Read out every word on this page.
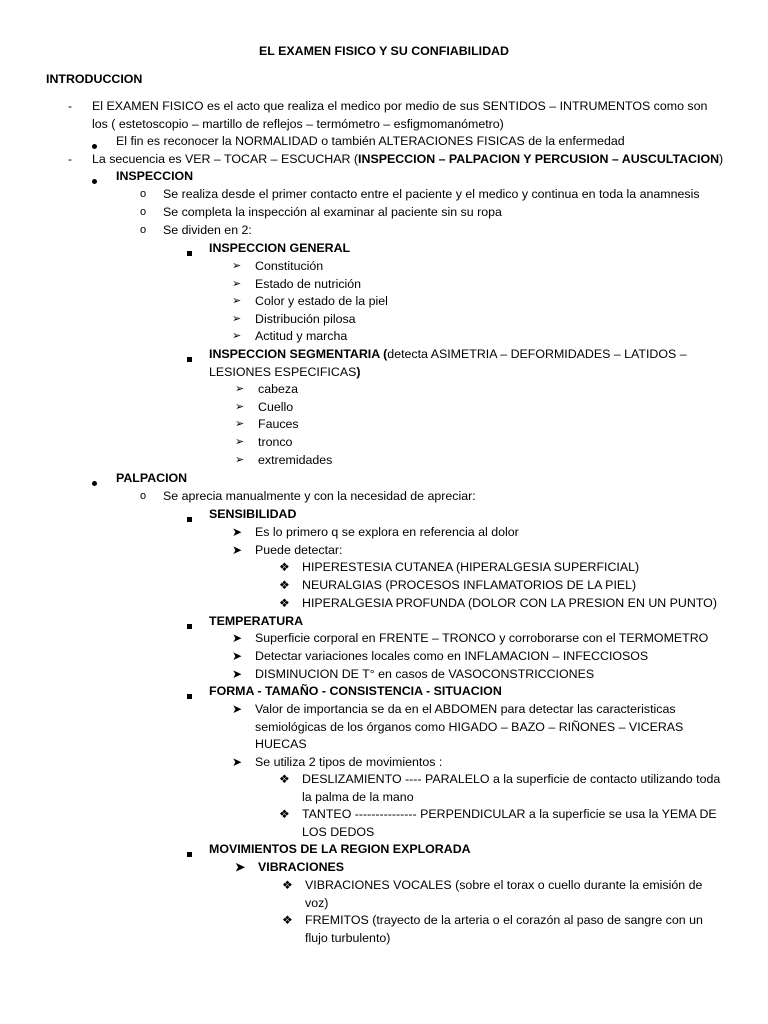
EL EXAMEN FISICO Y SU CONFIABILIDAD
INTRODUCCION
- El EXAMEN FISICO es el acto que realiza el medico por medio de sus SENTIDOS – INTRUMENTOS como son
los ( estetoscopio – martillo de reflejos – termómetro – esfigmomanómetro)
El fin es reconocer la NORMALIDAD o también ALTERACIONES FISICAS de la enfermedad
- La secuencia es VER – TOCAR – ESCUCHAR (INSPECCION – PALPACION Y PERCUSION – AUSCULTACION)
INSPECCION
o Se realiza desde el primer contacto entre el paciente y el medico y continua en toda la anamnesis
o Se completa la inspección al examinar al paciente sin su ropa
o Se dividen en 2:
INSPECCION GENERAL
➢ Constitución
➢ Estado de nutrición
➢ Color y estado de la piel
➢ Distribución pilosa
➢ Actitud y marcha
INSPECCION SEGMENTARIA (detecta ASIMETRIA – DEFORMIDADES – LATIDOS –
LESIONES ESPECIFICAS)
➢ cabeza
➢ Cuello
➢ Fauces
➢ tronco
➢ extremidades
PALPACION
o Se aprecia manualmente y con la necesidad de apreciar:
SENSIBILIDAD
➤ Es lo primero q se explora en referencia al dolor
➤ Puede detectar:
❖ HIPERESTESIA CUTANEA (HIPERALGESIA SUPERFICIAL)
❖ NEURALGIAS (PROCESOS INFLAMATORIOS DE LA PIEL)
❖ HIPERALGESIA PROFUNDA (DOLOR CON LA PRESION EN UN PUNTO)
TEMPERATURA
➤ Superficie corporal en FRENTE – TRONCO y corroborarse con el TERMOMETRO
➤ Detectar variaciones locales como en INFLAMACION – INFECCIOSOS
➤ DISMINUCION DE T° en casos de VASOCONSTRICCIONES
FORMA - TAMAÑO - CONSISTENCIA - SITUACION
➤ Valor de importancia se da en el ABDOMEN para detectar las caracteristicas
semiológicas de los órganos como HIGADO – BAZO – RIÑONES – VICERAS
HUECAS
➤ Se utiliza 2 tipos de movimientos :
❖ DESLIZAMIENTO ---- PARALELO a la superficie de contacto utilizando toda
la palma de la mano
❖ TANTEO --------------- PERPENDICULAR a la superficie se usa la YEMA DE
LOS DEDOS
MOVIMIENTOS DE LA REGION EXPLORADA
➤ VIBRACIONES
❖ VIBRACIONES VOCALES (sobre el torax o cuello durante la emisión de
voz)
❖ FREMITOS (trayecto de la arteria o el corazón al paso de sangre con un
flujo turbulento)
